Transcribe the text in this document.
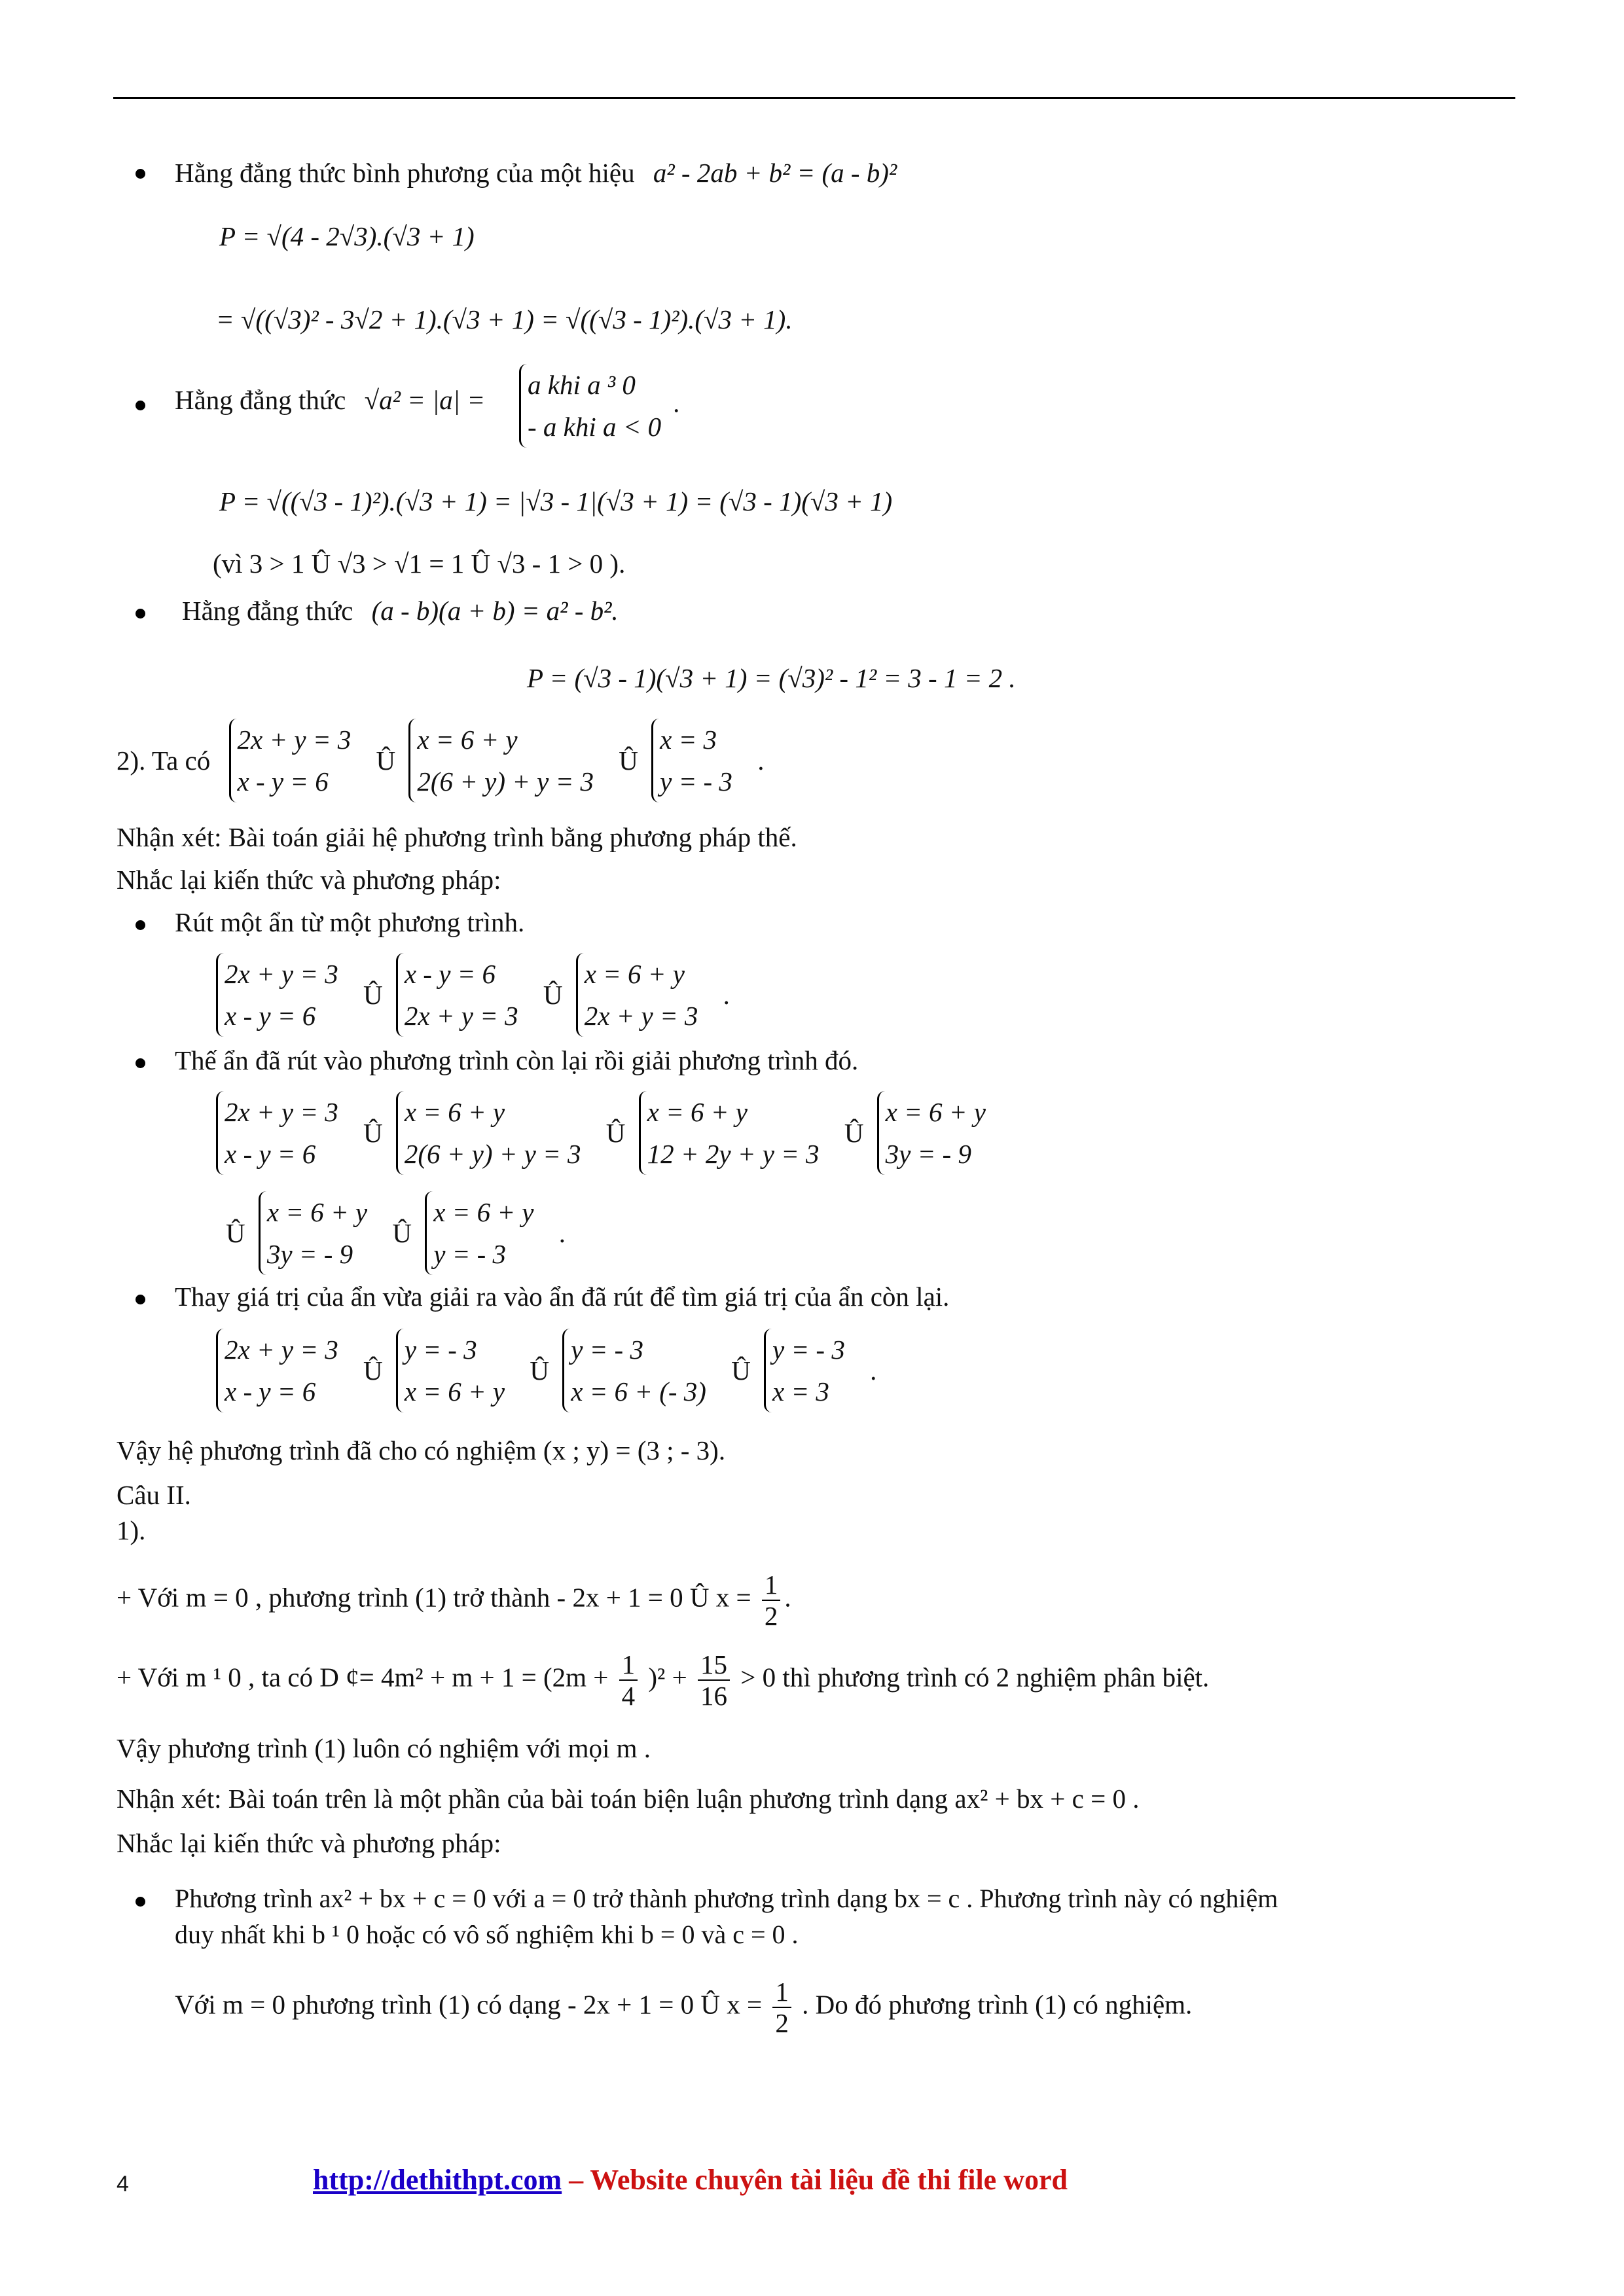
Hằng đẳng thức bình phương của một hiệu a² - 2ab + b² = (a - b)²
P = √(4 - 2√3).(√3 + 1)
= √((√3)² - 3√2 + 1).(√3 + 1) = √((√3 - 1)²).(√3 + 1).
Hằng đẳng thức √a² = |a| = a khi a ³ 0
- a khi a < 0
.
P = √((√3 - 1)²).(√3 + 1) = |√3 - 1|(√3 + 1) = (√3 - 1)(√3 + 1)
(vì 3 > 1 Û √3 > √1 = 1 Û √3 - 1 > 0 ).
Hằng đẳng thức (a - b)(a + b) = a² - b².
P = (√3 - 1)(√3 + 1) = (√3)² - 1² = 3 - 1 = 2 .
2). Ta có
2x + y = 3
x - y = 6
Û
x = 6 + y
2(6 + y) + y = 3
Û
x = 3
y = - 3
.
Nhận xét: Bài toán giải hệ phương trình bằng phương pháp thế.
Nhắc lại kiến thức và phương pháp:
Rút một ẩn từ một phương trình.
2x + y = 3
x - y = 6
Û
x - y = 6
2x + y = 3
Û
x = 6 + y
2x + y = 3
.
Thế ẩn đã rút vào phương trình còn lại rồi giải phương trình đó.
2x + y = 3
x - y = 6
Û
x = 6 + y
2(6 + y) + y = 3
Û
x = 6 + y
12 + 2y + y = 3
Û
x = 6 + y
3y = - 9
Û
x = 6 + y
3y = - 9
Û
x = 6 + y
y = - 3
.
Thay giá trị của ẩn vừa giải ra vào ẩn đã rút để tìm giá trị của ẩn còn lại.
2x + y = 3
x - y = 6
Û
y = - 3
x = 6 + y
Û
y = - 3
x = 6 + (- 3)
Û
y = - 3
x = 3
.
Vậy hệ phương trình đã cho có nghiệm (x ; y) = (3 ; - 3).
Câu II.
1).
+ Với m = 0 , phương trình (1) trở thành - 2x + 1 = 0 Û $x = \frac{1}{2}$ .
+ Với m ¹ 0 , ta có D ¢= $4m^2 + m + 1 = (2m + \frac{1}{4} )^2 + \frac{15}{16} > 0$ thì phương trình có 2 nghiệm phân biệt.
Vậy phương trình (1) luôn có nghiệm với mọi m .
Nhận xét: Bài toán trên là một phần của bài toán biện luận phương trình dạng ax² + bx + c = 0 .
Nhắc lại kiến thức và phương pháp:
Phương trình ax² + bx + c = 0 với a = 0 trở thành phương trình dạng bx = c . Phương trình này có nghiệm
duy nhất khi b ¹ 0 hoặc có vô số nghiệm khi b = 0 và c = 0 .
Với m = 0 phương trình (1) có dạng - 2x + 1 = 0 Û $x = \frac{1}{2}$ . Do đó phương trình (1) có nghiệm.
4	http://dethithpt.com – Website chuyên tài liệu đề thi file word
